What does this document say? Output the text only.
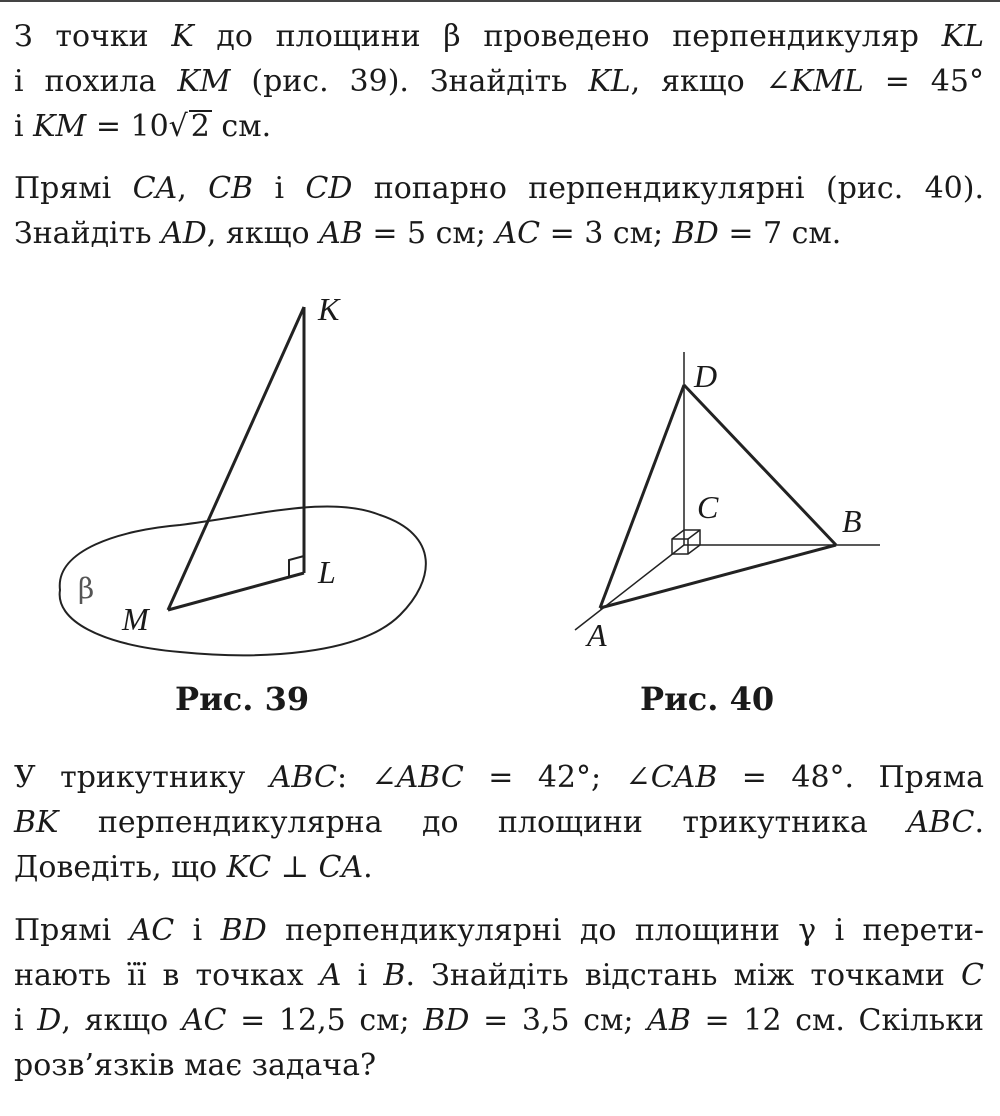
З точки K до площини β проведено перпендикуляр KL
і похила KM (рис. 39). Знайдіть KL, якщо ∠KML = 45°
і KM = 10√ 2 см.
Прямі CA, CB і CD попарно перпендикулярні (рис. 40).
Знайдіть AD, якщо AB = 5 см; AC = 3 см; BD = 7 см.
K
L
M
β
D
C	B
A
Рис. 39	Рис. 40
У трикутнику ABC: ∠ABC = 42°; ∠CAB = 48°. Пряма
BK перпендикулярна до площини трикутника ABC.
Доведіть, що KC ⊥ CA.
Прямі AC і BD перпендикулярні до площини γ і перети-
нають її в точках A і B. Знайдіть відстань між точками C
і D, якщо AC = 12,5 см; BD = 3,5 см; AB = 12 см. Скільки
розв’язків має задача?
